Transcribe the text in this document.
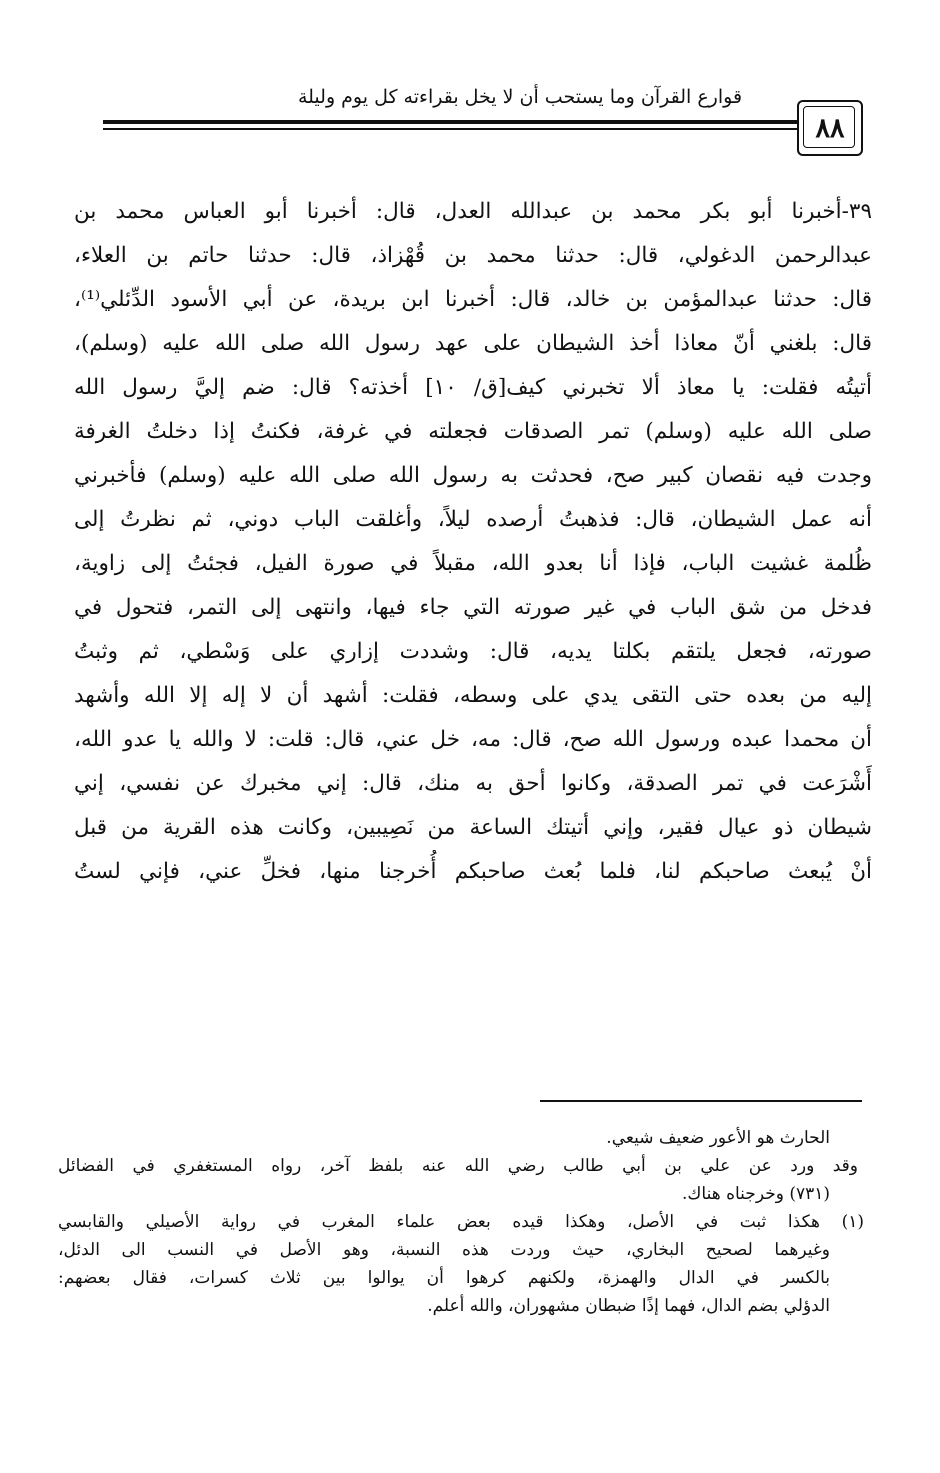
قوارع القرآن وما يستحب أن لا يخل بقراءته كل يوم وليلة
٨٨
٣٩-أخبرنا أبو بكر محمد بن عبدالله العدل، قال: أخبرنا أبو العباس محمد بن
عبدالرحمن الدغولي، قال: حدثنا محمد بن قُهْزاذ، قال: حدثنا حاتم بن العلاء،
قال: حدثنا عبدالمؤمن بن خالد، قال: أخبرنا ابن بريدة، عن أبي الأسود الدِّئلي⁽¹⁾،
قال: بلغني أنّ معاذا أخذ الشيطان على عهد رسول الله صلى الله عليه (وسلم)،
أتيتُه فقلت: يا معاذ ألا تخبرني كيف[ق/ ١٠] أخذته؟ قال: ضم إليَّ رسول الله
صلى الله عليه (وسلم) تمر الصدقات فجعلته في غرفة، فكنتُ إذا دخلتُ الغرفة
وجدت فيه نقصان كبير صح، فحدثت به رسول الله صلى الله عليه (وسلم) فأخبرني
أنه عمل الشيطان، قال: فذهبتُ أرصده ليلاً، وأغلقت الباب دوني، ثم نظرتُ إلى
ظُلمة غشيت الباب، فإذا أنا بعدو الله، مقبلاً في صورة الفيل، فجئتُ إلى زاوية،
فدخل من شق الباب في غير صورته التي جاء فيها، وانتهى إلى التمر، فتحول في
صورته، فجعل يلتقم بكلتا يديه، قال: وشددت إزاري على وَسْطي، ثم وثبتُ
إليه من بعده حتى التقى يدي على وسطه، فقلت: أشهد أن لا إله إلا الله وأشهد
أن محمدا عبده ورسول الله صح، قال: مه، خل عني، قال: قلت: لا والله يا عدو الله،
أَشْرَعت في تمر الصدقة، وكانوا أحق به منك، قال: إني مخبرك عن نفسي، إني
شيطان ذو عيال فقير، وإني أتيتك الساعة من نَصِيبين، وكانت هذه القرية من قبل
أنْ يُبعث صاحبكم لنا، فلما بُعث صاحبكم أُخرجنا منها، فخلِّ عني، فإني لستُ
الحارث هو الأعور ضعيف شيعي.
وقد ورد عن علي بن أبي طالب رضي الله عنه بلفظ آخر، رواه المستغفري في الفضائل
(٧٣١) وخرجناه هناك.
(١) هكذا ثبت في الأصل، وهكذا قيده بعض علماء المغرب في رواية الأصيلي والقابسي
وغيرهما لصحيح البخاري، حيث وردت هذه النسبة، وهو الأصل في النسب الى الدئل،
بالكسر في الدال والهمزة، ولكنهم كرهوا أن يوالوا بين ثلاث كسرات، فقال بعضهم:
الدؤلي بضم الدال، فهما إذًا ضبطان مشهوران، والله أعلم.
